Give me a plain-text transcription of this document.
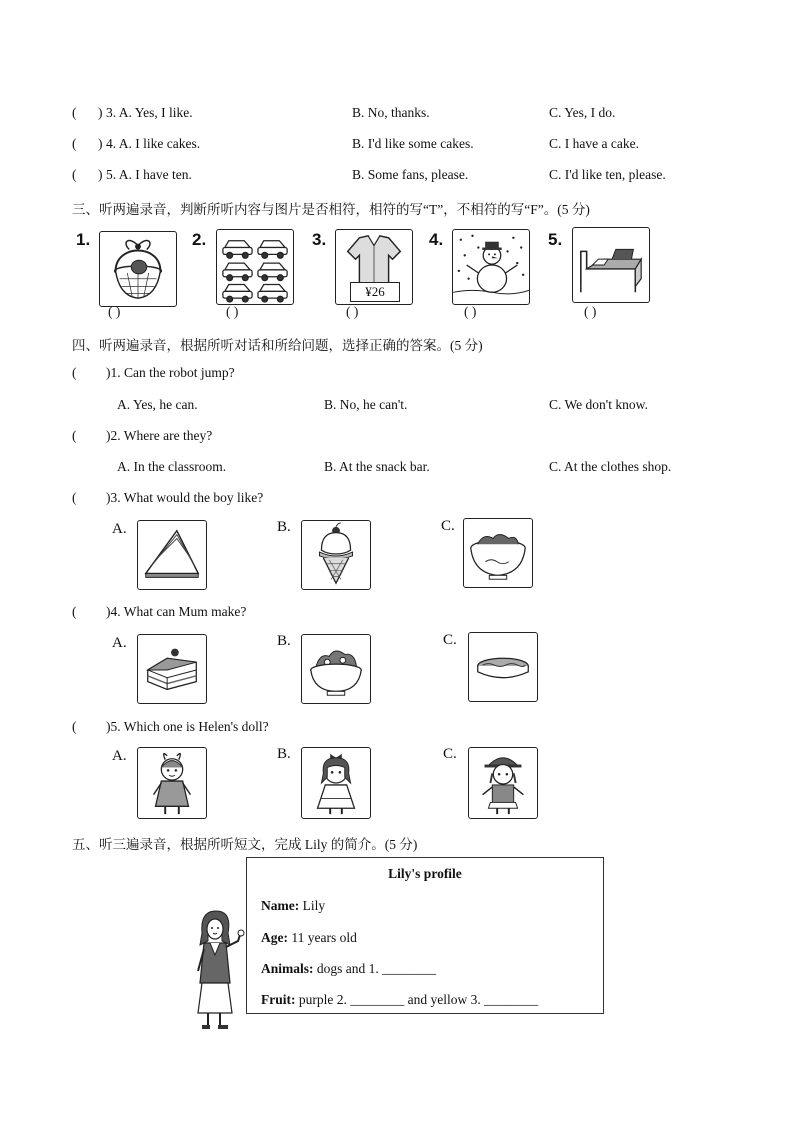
( 3. A. Yes, I like.	B. No, thanks.	C. Yes, I do.
( 4. A. I like cakes.	B. I'd like some cakes.	C. I have a cake.
( 5. A. I have ten.	B. Some fans, please.	C. I'd like ten, please.
三、听两遍录音，判断所听内容与图片是否相符，相符的写“T”，不相符的写“F”。(5 分)
1.
( )
2.
( )
3.
¥26
( )
4.
( )
5.
( )
四、听两遍录音，根据所听对话和所给问题，选择正确的答案。(5 分)
( )1. Can the robot jump?
A. Yes, he can.	B. No, he can't.	C. We don't know.
( )2. Where are they?
A. In the classroom.	B. At the snack bar.	C. At the clothes shop.
( )3. What would the boy like?
A.	B.	C.
( )4. What can Mum make?
A.	B.	C.
( )5. Which one is Helen's doll?
A.	B.	C.
五、听三遍录音，根据所听短文，完成 Lily 的简介。(5 分)
Lily's profile
Name: Lily
Age: 11 years old
Animals: dogs and 1. ________
Fruit: purple 2. ________ and yellow 3. ________
)
)
)
